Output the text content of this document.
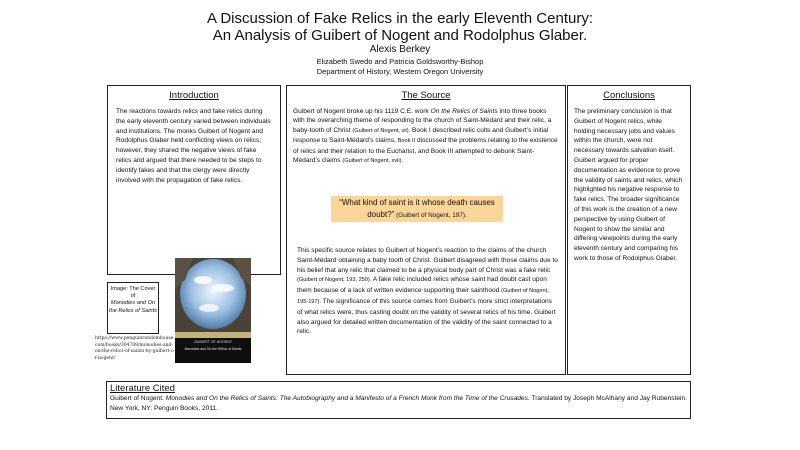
A Discussion of Fake Relics in the early Eleventh Century:
An Analysis of Guibert of Nogent and Rodolphus Glaber.
Alexis Berkey
Elizabeth Swedo and Patricia Goldsworthy-Bishop
Department of History, Western Oregon University
Introduction
The reactions towards relics and fake relics during the early eleventh century varied between individuals and institutions. The monks Guibert of Nogent and Rodolphus Glaber held conflicting views on relics; however, they shared the negative views of fake relics and argued that there needed to be steps to identify fakes and that the clergy were directly involved with the propagation of fake relics.
The Source
Guibert of Nogent broke up his 1119 C.E. work On the Relics of Saints into three books with the overarching theme of responding to the church of Saint-Médard and their relic, a baby-tooth of Christ (Guibert of Nogent, vii). Book I described relic cults and Guibert’s initial response to Saint-Médard’s claims, Book II discussed the problems relating to the existence of relics and their relation to the Eucharist, and Book III attempted to debunk Saint-Médard’s claims (Guibert of Nogent, xvii).
“What kind of saint is it whose death causes doubt?” (Guibert of Nogent, 197).
This specific source relates to Guibert of Nogent’s reaction to the claims of the church Saint-Médard obtaining a baby tooth of Christ. Guibert disagreed with those claims due to his belief that any relic that claimed to be a physical body part of Christ was a fake relic (Guibert of Nogent, 193, 250). A fake relic included relics whose saint had doubt cast upon them because of a lack of written evidence supporting their sainthood (Guibert of Nogent, 195-197). The significance of this source comes from Guibert’s more strict interpretations of what relics were, thus casting doubt on the validity of several relics of his time. Guibert also argued for detailed written documentation of the validity of the saint connected to a relic.
Conclusions
The preliminary conclusion is that Guibert of Nogent relics, while holding necessary jobs and values within the church, were not necessary towards salvation itself. Guibert argued for proper documentation as evidence to prove the validity of saints and relics, which highlighted his negative response to fake relics. The broader significance of this work is the creation of a new perspective by using Guibert of Nogent to show the similar and differing viewpoints during the early eleventh century and comparing his work to those of Rodolphus Glaber.
Image: The Cover of
Monodies and On the Relics of Saints
https://www.penguinrandomhouse.com/books/304708/monodies-and-on-the-relics-of-saints-by-guibert-of-nogent/
GUIBERT OF NOGENT
Monodies and On the Relics of Saints
Literature Cited
Guibert of Nogent. Monodies and On the Relics of Saints: The Autobiography and a Manifesto of a French Monk from the Time of the Crusades. Translated by Joseph McAlhany and Jay Rubenstein. New York, NY: Penguin Books, 2011.
